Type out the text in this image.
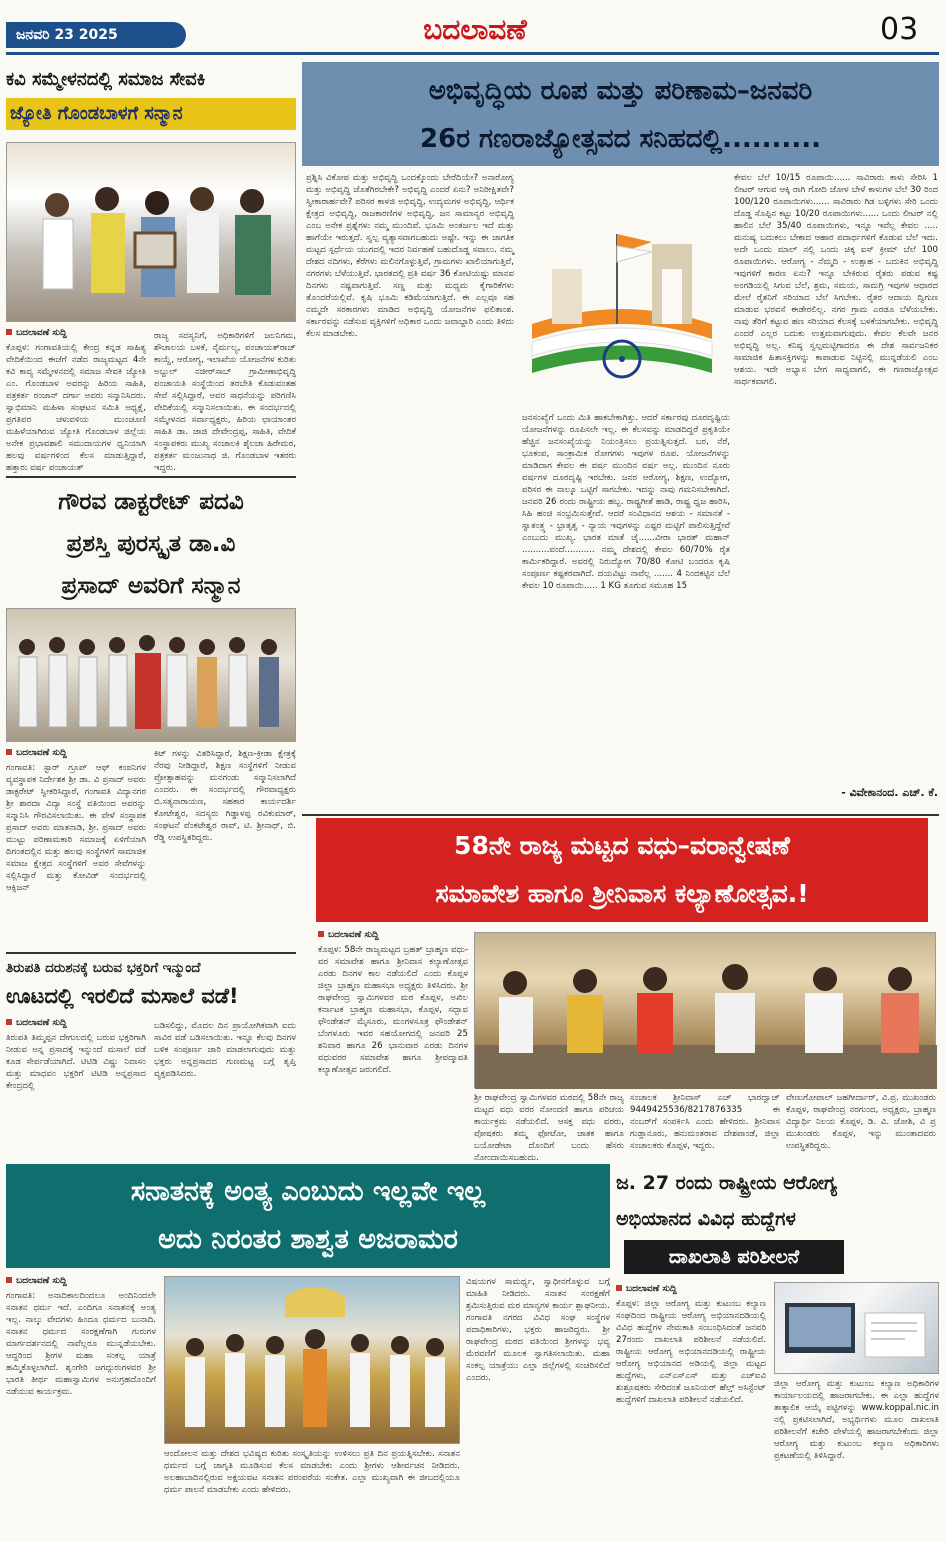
ಜನವರಿ 23 2025	ಬದಲಾವಣೆ	03
ಕವಿ ಸಮ್ಮೇಳನದಲ್ಲಿ ಸಮಾಜ ಸೇವಕಿ
ಜ್ಯೋತಿ ಗೊಂಡಬಾಳಗೆ ಸನ್ಮಾನ
ಬದಲಾವಣೆ ಸುದ್ದಿ
ಕೊಪ್ಪಳ: ಗಂಗಾವತಿಯಲ್ಲಿ ಕೇಂದ್ರ ಕನ್ನಡ ಸಾಹಿತ್ಯ ವೇದಿಕೆಯಿಂದ ಈಚೆಗೆ ನಡೆದ ರಾಜ್ಯಮಟ್ಟದ 4ನೇ ಕವಿ ಕಾವ್ಯ ಸಮ್ಮೇಳನದಲ್ಲಿ ಸಮಾಜ ಸೇವಕಿ ಜ್ಯೋತಿ ಎಂ. ಗೊಂಡಬಾಳ ಅವರನ್ನು ಹಿರಿಯ ಸಾಹಿತಿ, ಪತ್ರಕರ್ತ ರಂಜಾನ್ ದರ್ಗಾ ಅವರು ಸನ್ಮಾನಿಸಿದರು. ಸ್ವಾಭಿಮಾನಿ ಮಹಿಳಾ ಸಂಘಟನ ಸಮಿತಿ ಅಧ್ಯಕ್ಷೆ, ಪ್ರಗತಿಪರ ಚಳುವಳಿಯ ಮುಂಚೂಣಿ ಮಹಿಳೆಯಾಗಿರುವ ಜ್ಯೋತಿ ಗೊಂಡಬಾಳ ಜಿಲ್ಲೆಯ ಅನೇಕ ಪ್ರಭಾವಶಾಲಿ ಸಮುದಾಯಗಳ ಧ್ವನಿಯಾಗಿ ಹಲವು ವರ್ಷಗಳಿಂದ ಕೆಲಸ ಮಾಡುತ್ತಿದ್ದಾರೆ, ಹತ್ತಾರು ವರ್ಷ ಪಂಚಾಯತ್
ರಾಜ್ಯ ಸದಸ್ಯನಿಗೆ, ಅಧಿಕಾರಿಗಳಿಗೆ ಜಲನಿಗಮ, ಶೌಚಾಲಯ ಬಳಕೆ, ನೈರ್ಮಲ್ಯ, ಪಂಚಾಯತ್‌ರಾಜ್ ಕಾಯ್ದೆ, ಆರೋಗ್ಯ, ಇಲಾಖೆಯ ಯೋಜನೆಗಳ ಕುರಿತು ಅಬ್ದುಲ್ ನಜೀರ್‌ಸಾಬ್ ಗ್ರಾಮೀಣಾಭಿವೃದ್ಧಿ ಪಂಚಾಯತಿ ಸಂಸ್ಥೆಯಿಂದ ತರಬೇತಿ ಕೊಡುವಂತಹ ಸೇವೆ ಸಲ್ಲಿಸಿದ್ದಾರೆ, ಅವರ ಸಾಧನೆಯನ್ನು ಪರಿಗಣಿಸಿ ವೇದಿಕೆಯಲ್ಲಿ ಸನ್ಮಾನಿಸಲಾಯಿತು. ಈ ಸಂದರ್ಭದಲ್ಲಿ ಸಮ್ಮೇಳನದ ಸರ್ವಾಧ್ಯಕ್ಷರು, ಹಿರಿಯ ಛಾಯಾಂತರ ಸಾಹಿತಿ ಡಾ. ಜಾಜಿ ದೇವೇಂದ್ರಪ್ಪ, ಸಾಹಿತಿ, ವೇದಿಕೆ ಸಂಸ್ಥಾಪಕರು ಮುಖ್ಯ ಸಂಚಾಲಕಿ ಶೈಲಜಾ ಹಿರೇಮಠ, ಪತ್ರಕರ್ತ ಮಂಜುನಾಥ ಜಿ. ಗೊಂಡಬಾಳ ಇತರರು ಇದ್ದರು.
ಗೌರವ ಡಾಕ್ಟರೇಟ್ ಪದವಿ
ಪ್ರಶಸ್ತಿ ಪುರಸ್ಕೃತ ಡಾ.ವಿ
ಪ್ರಸಾದ್ ಅವರಿಗೆ ಸನ್ಮಾನ
ಬದಲಾವಣೆ ಸುದ್ದಿ
ಗಂಗಾವತಿ: ಸ್ಟಾರ್ ಗ್ರೂಪ್ ಆಫ್ ಕಂಪನಿಗಳ ವ್ಯವಸ್ಥಾಪಕ ನಿರ್ದೇಶಕ ಶ್ರೀ ಡಾ. ವಿ ಪ್ರಸಾದ್ ಅವರು ಡಾಕ್ಟರೇಟ್ ಸ್ವೀಕರಿಸಿದ್ದಾರೆ, ಗಂಗಾವತಿ ವಿದ್ಯಾನಗರ ಶ್ರೀ ಶಾರದಾ ವಿದ್ಯಾ ಸಂಸ್ಥೆ ವತಿಯಿಂದ ಅವರನ್ನು ಸನ್ಮಾನಿಸಿ ಗೌರವಿಸಲಾಯಿತು. ಈ ವೇಳೆ ಸಂಸ್ಥಾಪಕ ಪ್ರಸಾದ್ ಅವರು ಮಾತನಾಡಿ, ಶ್ರೀ. ಪ್ರಸಾದ್ ಅವರು ಮುಟ್ಟು ಪರಿಣಾಮಕಾರಿ ಸಮಾಜಕ್ಕೆ ಏಳಿಗೆಯಾಗಿ ದಿಗಂತದಲ್ಲಿನ ಮತ್ತು ಹಲವು ಸಂಸ್ಥೆಗಳಿಗೆ ಸಾಮಾಜಿಕ ಸಮಾಜ ಕ್ಷೇತ್ರದ ಸಂಸ್ಥೆಗಳಿಗೆ ಅವರ ಸೇವೆಗಳನ್ನು ಸಲ್ಲಿಸಿದ್ದಾರೆ ಮತ್ತು ಕೋವಿಡ್ ಸಂದರ್ಭದಲ್ಲಿ ಆಕ್ಸಿಜನ್
ಕಿಟ್ ಗಳನ್ನು ವಿತರಿಸಿದ್ದಾರೆ, ಶಿಕ್ಷಣ-ಕ್ರೀಡಾ ಕ್ಷೇತ್ರಕ್ಕೆ ನೆರವು ನೀಡಿದ್ದಾರೆ, ಶಿಕ್ಷಣ ಸಂಸ್ಥೆಗಳಿಗೆ ನೀಡುವ ಪ್ರೋತ್ಸಾಹವನ್ನು ಮನಗಂಡು ಸನ್ಮಾನಿಸಲಾಗಿದೆ ಎಂದರು. ಈ ಸಂದರ್ಭದಲ್ಲಿ ಗೌರವಾಧ್ಯಕ್ಷರು ಬಿ.ಸತ್ಯನಾರಾಯಣ, ಸಹಕಾರ ಕಾರ್ಯದರ್ಶಿ ಕೋಟೇಶ್ವರ, ಸದಸ್ಯರು ಗಿಡ್ಡಾಳಪ್ಪ ರವಿಕುಮಾರ್, ಸಂಘಟನೆ ವೆಂಕಟೇಶ್ವರ ರಾವ್, ಟಿ. ಶ್ರೀನಾಥ್, ಬಿ. ರೆಡ್ಡಿ ಉಪಸ್ಥಿತರಿದ್ದರು.
ತಿರುಪತಿ ದರುಶನಕ್ಕೆ ಬರುವ ಭಕ್ತರಿಗೆ ಇನ್ಮುಂದೆ
ಊಟದಲ್ಲಿ ಇರಲಿದೆ ಮಸಾಲೆ ವಡೆ!
ಬದಲಾವಣೆ ಸುದ್ದಿ
ತಿರುಪತಿ ತಿಮ್ಮಪ್ಪನ ದೇಗುಲದಲ್ಲಿ ಬರುವ ಭಕ್ತರಿಗಾಗಿ ನೀಡುವ ಅನ್ನ ಪ್ರಸಾದಕ್ಕೆ ಇನ್ನುಂದೆ ಮಸಾಲೆ ವಡೆ ಕೂಡ ಸೇರ್ಪಡೆಯಾಗಿದೆ. ಟಿಟಿಡಿ ವಿಷ್ಣು ನಿವಾಸಂ ಮತ್ತು ಮಾಧವಂ ಭಕ್ತರಿಗೆ ಟಿಟಿಡಿ ಅನ್ನಪ್ರಸಾದ ಕೇಂದ್ರದಲ್ಲಿ
ಬಡಿಸಲಿದ್ದು, ಮೊದಲ ದಿನ ಪ್ರಾಯೋಗಿಕವಾಗಿ ಐದು ಸಾವಿರ ವಡೆ ಬಡಿಸಲಾಯಿತು. ಇನ್ನೂ ಕೆಲವು ದಿನಗಳ ಬಳಿಕ ಸಂಪೂರ್ಣ ಜಾರಿ ಮಾಡಲಾಗುವುದು ಮತ್ತು ಭಕ್ತರು ಅನ್ನಪ್ರಸಾದದ ಗುಣಮಟ್ಟ ಬಗ್ಗೆ ತೃಪ್ತಿ ವ್ಯಕ್ತಪಡಿಸಿದರು.
ಅಭಿವೃದ್ಧಿಯ ರೂಪ ಮತ್ತು ಪರಿಣಾಮ–ಜನವರಿ
26ರ ಗಣರಾಜ್ಯೋತ್ಸವದ ಸನಿಹದಲ್ಲಿ..........
ಪ್ರಶ್ನಿಸಿ ವಿಕೋಪ ಮತ್ತು ಅಭಿವೃದ್ಧಿ ಒಂದಕ್ಕೊಂದು ಬೇರೆದಿಯೇ? ಅನಾರೋಗ್ಯ ಮತ್ತು ಅಭಿವೃದ್ಧಿ ಜೊತೆಗಿರಬೇಕೇ? ಅಭಿವೃದ್ಧಿ ಎಂದರೆ ಏನು? ಅನಿರೀಕ್ಷಿತವೇ? ಸ್ವೀಕಾರಾರ್ಹವೇ? ಪರಿಸರ ಕಾಳಜಿ ಅಭಿವೃದ್ಧಿ, ಉದ್ಯಮಗಳ ಅಭಿವೃದ್ಧಿ, ಆರ್ಥಿಕ ಕ್ಷೇತ್ರದ ಅಭಿವೃದ್ಧಿ, ರಾಜಕಾರಣಿಗಳ ಅಭಿವೃದ್ಧಿ, ಜನ ಸಾಮಾನ್ಯರ ಅಭಿವೃದ್ಧಿ ಎಂಬ ಅನೇಕ ಪ್ರಶ್ನೆಗಳು ನಮ್ಮ ಮುಂದಿವೆ. ಭೂಮಿ ಅಂತರ್ಜಲ ಇದೆ ಮತ್ತು ಹಾಗೆಯೇ ಇರುತ್ತದೆ. ಸ್ವಲ್ಪ ವ್ಯತ್ಯಾಸವಾಗಬಹುದು ಅಷ್ಟೇ. ಇನ್ನು ಈ ಜಾಗತಿಕ ಮಟ್ಟದ ಸ್ಪರ್ಧೆಯ ಯುಗದಲ್ಲಿ ಇದರ ನಿರ್ವಹಣೆ ಬಹುದೊಡ್ಡ ಸವಾಲು. ನಮ್ಮ ದೇಶದ ನದಿಗಳು, ಕೆರೆಗಳು ಮಲಿನಗೊಳ್ಳುತ್ತಿವೆ, ಗ್ರಾಮಗಳು ಖಾಲಿಯಾಗುತ್ತಿವೆ, ನಗರಗಳು ಬೆಳೆಯುತ್ತಿವೆ. ಭಾರತದಲ್ಲಿ ಪ್ರತಿ ವರ್ಷ 36 ಕೋಟಿಯಷ್ಟು ಮಾನವ ದಿನಗಳು ನಷ್ಟವಾಗುತ್ತಿವೆ. ಸಣ್ಣ ಮತ್ತು ಮಧ್ಯಮ ಕೈಗಾರಿಕೆಗಳು ತೊಂದರೆಯಲ್ಲಿವೆ. ಕೃಷಿ ಭೂಮಿ ಕಡಿಮೆಯಾಗುತ್ತಿದೆ. ಈ ಎಲ್ಲವೂ ಸಹ ನಮ್ಮದೇ ಸರಕಾರಗಳು ಮಾಡಿದ ಅಭಿವೃದ್ಧಿ ಯೋಜನೆಗಳ ಫಲಿತಾಂಶ. ಸರ್ಕಾರವನ್ನು ನಡೆಸುವ ವ್ಯಕ್ತಿಗಳಿಗೆ ಅಧಿಕಾರ ಒಂದು ಜವಾಬ್ದಾರಿ ಎಂದು ತಿಳಿದು ಕೆಲಸ ಮಾಡಬೇಕು.
ಜನಸಂಖ್ಯೆಗೆ ಒಂದು ಮಿತಿ ಹಾಕಬೇಕಾಗಿತ್ತು. ಆದರೆ ಸರ್ಕಾರವು ದೂರದೃಷ್ಟಿಯ ಯೋಜನೆಗಳನ್ನು ರೂಪಿಸಲೇ ಇಲ್ಲ. ಈ ಕೆಲಸವನ್ನು ಮಾಡದಿದ್ದರೆ ಪ್ರಕೃತಿಯೇ ಹೆಚ್ಚಿನ ಜನಸಂಖ್ಯೆಯನ್ನು ನಿಯಂತ್ರಿಸಲು ಪ್ರಯತ್ನಿಸುತ್ತದೆ. ಬರ, ನೆರೆ, ಭೂಕಂಪ, ಸಾಂಕ್ರಾಮಿಕ ರೋಗಗಳು ಇವುಗಳ ರೂಪ. ಯೋಜನೆಗಳನ್ನು ಮಾಡಿದಾಗ ಕೇವಲ ಈ ವರ್ಷ ಮುಂದಿನ ವರ್ಷ ಅಲ್ಲ. ಮುಂದಿನ ನೂರು ವರ್ಷಗಳ ದೂರದೃಷ್ಟಿ ಇರಬೇಕು. ಜನರ ಆರೋಗ್ಯ, ಶಿಕ್ಷಣ, ಉದ್ಯೋಗ, ಪರಿಸರ ಈ ನಾಲ್ಕೂ ಒಟ್ಟಿಗೆ ಸಾಗಬೇಕು. ಇದನ್ನು ನಾವು ಗಮನಿಸಬೇಕಾಗಿದೆ. ಜನವರಿ 26 ರಂದು ರಾಷ್ಟ್ರೀಯ ಹಬ್ಬ. ರಾಷ್ಟ್ರಗೀತೆ ಹಾಡಿ, ರಾಷ್ಟ್ರ ಧ್ವಜ ಹಾರಿಸಿ, ಸಿಹಿ ಹಂಚಿ ಸಂಭ್ರಮಿಸುತ್ತೇವೆ. ಆದರೆ ಸಂವಿಧಾನದ ಆಶಯ - ಸಮಾನತೆ - ಸ್ವಾತಂತ್ರ್ಯ - ಭ್ರಾತೃತ್ವ - ನ್ಯಾಯ ಇವುಗಳನ್ನು ಎಷ್ಟರ ಮಟ್ಟಿಗೆ ಪಾಲಿಸುತ್ತಿದ್ದೇವೆ ಎಂಬುದು ಮುಖ್ಯ. ಭಾರತ ಮಾತೆ ಜೈ......ವೀರಾ ಭಾರತ್ ಮಹಾನ್ ..........ವಂದೆ........... ನಮ್ಮ ದೇಶದಲ್ಲಿ ಕೇವಲ 60/70% ರೈತ ಕಾರ್ಮಿಕರಿದ್ದಾರೆ. ಅವರಲ್ಲಿ ನಿರುದ್ಯೋಗ 70/80 ಕೋಟಿ ಬಂದರೂ ಕೃಷಿ ಸಂಪೂರ್ಣ ಕಷ್ಟಕರವಾಗಿದೆ. ದಯವಿಟ್ಟು ನಾವೆಲ್ಲ ....... 4 ನಿಂದಕಟ್ಟಿನ ಬೆಲೆ ಕೇವಲ 10 ರೂಪಾಯಿ..... 1 KG ತೂಗುವ ಸಮೂಹ 15
ಕೇವಲ ಬೆಲೆ 10/15 ರೂಪಾಯಿ...... ಸಾವಿರಾರು ಕಾಳು ಸೇರಿಸಿ 1 ಲೀಟರ್ ಆಗುವ ಆಕ್ಕಿ ರಾಗಿ ಗೋದಿ ಜೋಳ ಬೇಳೆ ಕಾಳುಗಳ ಬೆಲೆ 30 ರಿಂದ 100/120 ರೂಪಾಯಿಗಳು...... ಸಾವಿರಾರು ಗಿಡ ಬಳ್ಳಿಗಳು ಸೇರಿ ಒಂದು ದೊಡ್ಡ ಸೊಪ್ಪಿನ ಕಟ್ಟು 10/20 ರೂಪಾಯಿಗಳು...... ಒಂದು ಲೀಟರ್ ನಲ್ಲಿ ಹಾಲಿನ ಬೆಲೆ 35/40 ರೂಪಾಯಿಗಳು, ಇನ್ನೂ ಇವೆಲ್ಲ ಕೇವಲ ..... ಮನುಷ್ಯ ಬದುಕಲು ಬೇಕಾದ ಆಹಾರ ಪದಾರ್ಥಗಳಿಗೆ ಕೊಡುವ ಬೆಲೆ ಇದು. ಅದೇ ಒಂದು ಮಾಲ್ ನಲ್ಲಿ ಒಂದು ಚಿಕ್ಕ ಐಸ್ ಕ್ರೀಮ್ ಬೆಲೆ 100 ರೂಪಾಯಿಗಳು. ಆರೋಗ್ಯ - ನೆಮ್ಮದಿ - ಉತ್ಸಾಹ - ಬದುಕಿನ ಅಭಿವೃದ್ಧಿ ಇವುಗಳಿಗೆ ಕಾರಣ ಏನು? ಇನ್ನೂ ಬೇಕಿರುವ ರೈತರು ಪಡುವ ಕಷ್ಟ ಅಂಗಡಿಯಲ್ಲಿ ಸಿಗುವ ಬೆಲೆ, ಶ್ರಮ, ಸಮಯ, ಸಾಮಗ್ರಿ ಇವುಗಳ ಆಧಾರದ ಮೇಲೆ ರೈತನಿಗೆ ಸರಿಯಾದ ಬೆಲೆ ಸಿಗಬೇಕು. ರೈತರ ಆದಾಯ ದ್ವಿಗುಣ ಮಾಡುವ ಭರವಸೆ ಈಡೇರಲಿಲ್ಲ. ನಗರ ಗ್ರಾಮ ಎರಡೂ ಬೆಳೆಯಬೇಕು. ನಾವು ತೆರಿಗೆ ಕಟ್ಟುವ ಹಣ ಸರಿಯಾದ ಕೆಲಸಕ್ಕೆ ಬಳಕೆಯಾಗಬೇಕು. ಅಭಿವೃದ್ಧಿ ಎಂದರೆ ಎಲ್ಲರ ಬದುಕು ಉತ್ತಮವಾಗುವುದು. ಕೇವಲ ಕೆಲವೇ ಜನರ ಅಭಿವೃದ್ಧಿ ಅಲ್ಲ. ಕನಿಷ್ಠ ಸ್ವಲ್ಪಮಟ್ಟಿಗಾದರೂ ಈ ದೇಶ ಸಾರ್ವಜನಿಕರ ಸಾಮಾಜಿಕ ಹಿತಾಸಕ್ತಿಗಳನ್ನು ಕಾಪಾಡುವ ನಿಟ್ಟಿನಲ್ಲಿ ಮುನ್ನಡೆಯಲಿ ಎಂಬ ಆಶಯ. ಇದೇ ಅಭ್ಯಾಸ ಬೇಗ ಸಾಧ್ಯವಾಗಲಿ, ಈ ಗಣರಾಜ್ಯೋತ್ಸವ ಸಾರ್ಥಕವಾಗಲಿ.
- ವಿವೇಕಾನಂದ. ಎಚ್. ಕೆ.
58ನೇ ರಾಜ್ಯ ಮಟ್ಟದ ವಧು–ವರಾನ್ವೇಷಣೆ
ಸಮಾವೇಶ ಹಾಗೂ ಶ್ರೀನಿವಾಸ ಕಲ್ಯಾಣೋತ್ಸವ.!
ಬದಲಾವಣೆ ಸುದ್ದಿ
ಕೊಪ್ಪಳ: 58ನೇ ರಾಜ್ಯಮಟ್ಟದ ಬ್ರಹತ್ ಬ್ರಾಹ್ಮಣ ವಧು-ವರ ಸಮಾವೇಶ ಹಾಗೂ ಶ್ರೀನಿವಾಸ ಕಲ್ಯಾಣೋತ್ಸವ ಎರಡು ದಿನಗಳ ಕಾಲ ನಡೆಯಲಿದೆ ಎಂದು ಕೊಪ್ಪಳ ಜಿಲ್ಲಾ ಬ್ರಾಹ್ಮಣ ಮಹಾಸಭಾ ಅಧ್ಯಕ್ಷರು ತಿಳಿಸಿದರು. ಶ್ರೀ ರಾಘವೇಂದ್ರ ಸ್ವಾಮಿಗಳವರ ಮಠ ಕೊಪ್ಪಳ, ಅಖಿಲ ಕರ್ನಾಟಕ ಬ್ರಾಹ್ಮಣ ಮಹಾಸಭಾ, ಕೊಪ್ಪಳ, ಸದ್ಭಾವ ಫೌಂಡೇಶನ್ ಮೈಸೂರು, ಮಂಗಳಸೂತ್ರ ಫೌಂಡೇಶನ್ ಬೆಂಗಳೂರು ಇವರ ಸಹಯೋಗದಲ್ಲಿ ಜನವರಿ 25 ಶನಿವಾರ ಹಾಗೂ 26 ಭಾನುವಾರ ಎರಡು ದಿನಗಳ ವಧುವರರ ಸಮಾವೇಶ ಹಾಗೂ ಶ್ರೀಪದ್ಮಾವತಿ ಕಲ್ಯಾಣೋತ್ಸವ ಜರುಗಲಿದೆ.
ಶ್ರೀ ರಾಘವೇಂದ್ರ ಸ್ವಾಮಿಗಳವರ ಮಠದಲ್ಲಿ 58ನೇ ರಾಜ್ಯ ಮಟ್ಟದ ವಧು ವರರ ನೋಂದಣಿ ಹಾಗೂ ಪರಿಚಯ ಕಾರ್ಯಕ್ರಮ ನಡೆಯಲಿದೆ. ಆಸಕ್ತ ವಧು ವರರು, ಪೋಷಕರು ತಮ್ಮ ಫೋಟೋ, ಜಾತಕ ಹಾಗೂ ಬಯೋಡೇಟಾ ದೊಂದಿಗೆ ಬಂದು ಹೆಸರು ನೋಂದಾಯಿಸಬಹುದು.
ಸಂಚಾಲಕ ಶ್ರೀನಿವಾಸ್ ಎಚ್ ಭಾರದ್ವಾಜ್ 9449425536/8217876335 ಈ ನಂಬರ್‌ಗೆ ಸಂಪರ್ಕಿಸಿ ಎಂದು ಹೇಳಿದರು. ಶ್ರೀನಿವಾಸ ಗುಡ್ಲಾನೂರು, ಹನುಮಂತರಾವ ದೇಶಪಾಂಡೆ, ಜಿಲ್ಲಾ ಸಂಚಾಲಕರು ಕೊಪ್ಪಳ, ಇದ್ದರು.
ವೇಣುಗೋಪಾಲ್ ಜಹಗೀರ್ದಾರ್, ವಿ.ಪ್ರ. ಮುಖಂಡರು ಕೊಪ್ಪಳ, ರಾಘವೇಂದ್ರ ನರಗುಂದ, ಅಧ್ಯಕ್ಷರು, ಬ್ರಾಹ್ಮಣ ವಿದ್ಯಾರ್ಥಿ ನಿಲಯ ಕೊಪ್ಪಳ, ಡಿ. ವಿ. ಜೋಶಿ, ವಿ ಪ್ರ ಮುಖಂಡರು ಕೊಪ್ಪಳ, ಇನ್ನು ಮುಂತಾದವರು ಉಪಸ್ಥಿತರಿದ್ದರು.
ಸನಾತನಕ್ಕೆ ಅಂತ್ಯ ಎಂಬುದು ಇಲ್ಲವೇ ಇಲ್ಲ
ಅದು ನಿರಂತರ ಶಾಶ್ವತ ಅಜರಾಮರ
ಬದಲಾವಣೆ ಸುದ್ದಿ
ಗಂಗಾವತಿ: ಅನಾದಿಕಾಲದಿಂದಲೂ ಅಂದಿನಿಂದಲೇ ಸನಾತನ ಧರ್ಮ ಇದೆ. ಎಂದಿಗೂ ಸನಾತನಕ್ಕೆ ಅಂತ್ಯ ಇಲ್ಲ. ನಾಲ್ಕು ವೇದಗಳು ಹಿಂದೂ ಧರ್ಮದ ಬುನಾದಿ. ಸನಾತನ ಧರ್ಮದ ಸಂರಕ್ಷಣೆಗಾಗಿ ಗುರುಗಳ ಮಾರ್ಗದರ್ಶನದಲ್ಲಿ ನಾವೆಲ್ಲರೂ ಮುನ್ನಡೆಯಬೇಕು. ಆದ್ದರಿಂದ ಶ್ರೀಗಳ ಮಹಾ ಸಂಕಲ್ಪ ಯಾತ್ರೆ ಹಮ್ಮಿಕೊಳ್ಳಲಾಗಿದೆ. ಶೃಂಗೇರಿ ಜಗದ್ಗುರುಗಳವರ ಶ್ರೀ ಭಾರತಿ ತೀರ್ಥ ಮಹಾಸ್ವಾಮಿಗಳ ಅನುಗ್ರಹದೊಂದಿಗೆ ನಡೆಯುವ ಕಾರ್ಯಕ್ರಮ.
ಆಂದೋಲನ ಮತ್ತು ದೇಶದ ಭವಿಷ್ಯದ ಕುರಿತು ಸಂಸ್ಕೃತಿಯನ್ನು ಉಳಿಸಲು ಪ್ರತಿ ದಿನ ಪ್ರಯತ್ನಿಸಬೇಕು. ಸನಾತನ ಧರ್ಮದ ಬಗ್ಗೆ ಜಾಗೃತಿ ಮೂಡಿಸುವ ಕೆಲಸ ಮಾಡಬೇಕು ಎಂದು ಶ್ರೀಗಳು ಆಶೀರ್ವಚನ ನೀಡಿದರು. ಅಲಹಾಬಾದಿನಲ್ಲಿರುವ ಅಕ್ಷಯವಟ ಸನಾತನ ಪರಂಪರೆಯ ಸಂಕೇತ. ಎಲ್ಲಾ ಮುಖ್ಯವಾಗಿ ಈ ಜೀಬದಲ್ಲಿಯೂ ಧರ್ಮ ಪಾಲನೆ ಮಾಡಬೇಕು ಎಂದು ಹೇಳಿದರು.
ವಿಷಯಗಳ ಸಾಮರ್ಥ್ಯ, ಸ್ವಾಧೀನಗೊಳ್ಳುವ ಬಗ್ಗೆ ಮಾಹಿತಿ ನೀಡಿದರು. ಸನಾತನ ಸಂರಕ್ಷಣೆಗೆ ಶ್ರಮಿಸುತ್ತಿರುವ ಮಠ ಮಾನ್ಯಗಳ ಕಾರ್ಯ ಶ್ಲಾಘನೀಯ. ಗಂಗಾವತಿ ನಗರದ ವಿವಿಧ ಸಂಘ ಸಂಸ್ಥೆಗಳ ಪದಾಧಿಕಾರಿಗಳು, ಭಕ್ತರು ಹಾಜರಿದ್ದರು. ಶ್ರೀ ರಾಘವೇಂದ್ರ ಮಠದ ವತಿಯಿಂದ ಶ್ರೀಗಳನ್ನು ಭವ್ಯ ಮೆರವಣಿಗೆ ಮೂಲಕ ಸ್ವಾಗತಿಸಲಾಯಿತು. ಮಹಾ ಸಂಕಲ್ಪ ಯಾತ್ರೆಯು ಎಲ್ಲಾ ಜಿಲ್ಲೆಗಳಲ್ಲಿ ಸಂಚರಿಸಲಿದೆ ಎಂದರು.
ಜ. 27 ರಂದು ರಾಷ್ಟ್ರೀಯ ಆರೋಗ್ಯ
ಅಭಿಯಾನದ ವಿವಿಧ ಹುದ್ದೆಗಳ
ದಾಖಲಾತಿ ಪರಿಶೀಲನೆ
ಬದಲಾವಣೆ ಸುದ್ದಿ
ಕೊಪ್ಪಳ: ಜಿಲ್ಲಾ ಆರೋಗ್ಯ ಮತ್ತು ಕುಟುಂಬ ಕಲ್ಯಾಣ ಸಂಘದಿಂದ ರಾಷ್ಟ್ರೀಯ ಆರೋಗ್ಯ ಅಭಿಯಾನದಡಿಯಲ್ಲಿ ವಿವಿಧ ಹುದ್ದೆಗಳ ನೇಮಕಾತಿ ಸಂಬಂಧಿಸಿದಂತೆ ಜನವರಿ 27ರಂದು ದಾಖಲಾತಿ ಪರಿಶೀಲನೆ ನಡೆಯಲಿದೆ. ರಾಷ್ಟ್ರೀಯ ಆರೋಗ್ಯ ಅಭಿಯಾನದಡಿಯಲ್ಲಿ ರಾಷ್ಟ್ರೀಯ ಆರೋಗ್ಯ ಅಭಿಯಾನದ ಅಡಿಯಲ್ಲಿ ಜಿಲ್ಲಾ ಮಟ್ಟದ ಹುದ್ದೆಗಳು, ಎನ್‌ಎಸ್‌ಎಸ್ ಮತ್ತು ಎಚ್‌ಐವಿ ಶುಶ್ರೂಷಕರು ಸೇರಿದಂತೆ ಜೂನಿಯರ್ ಹೆಲ್ತ್ ಅಸಿಸ್ಟೆಂಟ್ ಹುದ್ದೆಗಳಿಗೆ ದಾಖಲಾತಿ ಪರಿಶೀಲನೆ ನಡೆಯಲಿದೆ.
ಜಿಲ್ಲಾ ಆರೋಗ್ಯ ಮತ್ತು ಕುಟುಂಬ ಕಲ್ಯಾಣ ಅಧಿಕಾರಿಗಳ ಕಾರ್ಯಾಲಯದಲ್ಲಿ ಹಾಜರಾಗಬೇಕು. ಈ ಎಲ್ಲಾ ಹುದ್ದೆಗಳ ತಾತ್ಕಾಲಿಕ ಆಯ್ಕೆ ಪಟ್ಟಿಗಳನ್ನು www.koppal.nic.in ನಲ್ಲಿ ಪ್ರಕಟಿಸಲಾಗಿದೆ, ಅಭ್ಯರ್ಥಿಗಳು ಮೂಲ ದಾಖಲಾತಿ ಪರಿಶೀಲನೆಗೆ ಕಚೇರಿ ವೇಳೆಯಲ್ಲಿ ಹಾಜರಾಗಬೇಕೆಂದು ಜಿಲ್ಲಾ ಆರೋಗ್ಯ ಮತ್ತು ಕುಟುಂಬ ಕಲ್ಯಾಣ ಅಧಿಕಾರಿಗಳು ಪ್ರಕಟಣೆಯಲ್ಲಿ ತಿಳಿಸಿದ್ದಾರೆ.
